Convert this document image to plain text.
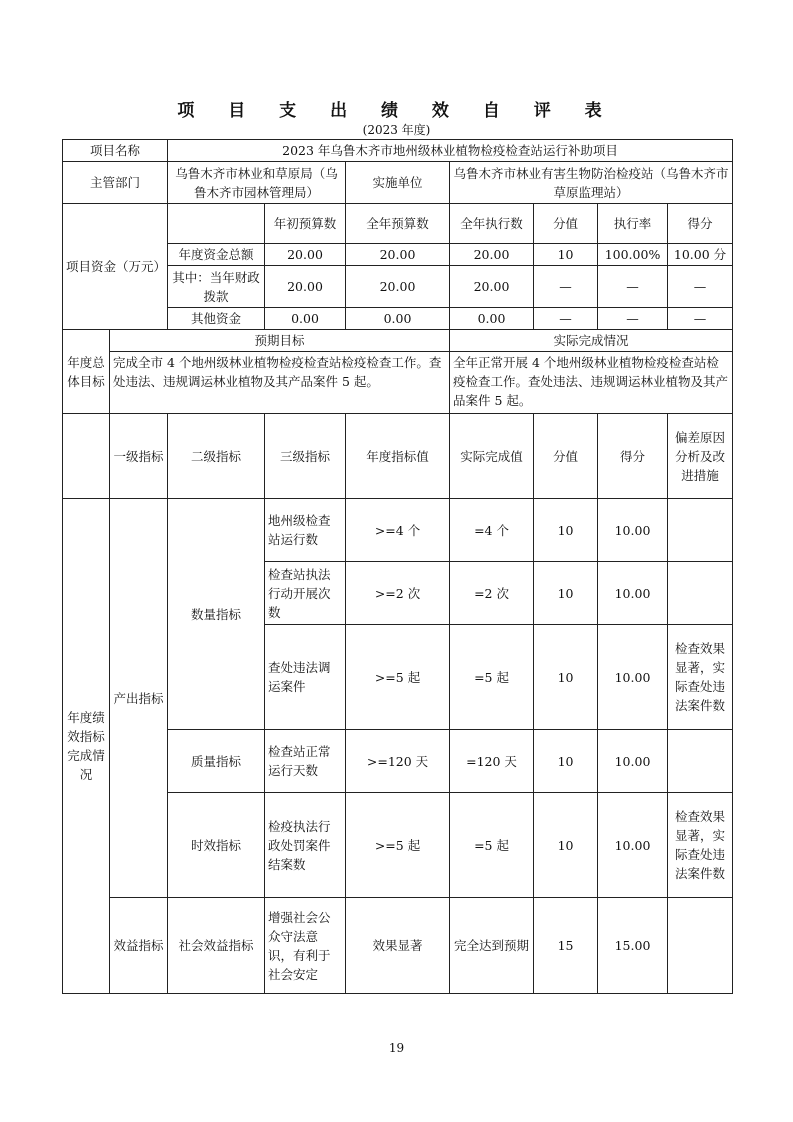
项 目 支 出 绩 效 自 评 表
(2023 年度)
项目名称		2023 年乌鲁木齐市地州级林业植物检疫检查站运行补助项目						
主管部门		乌鲁木齐市林业和草原局（乌鲁木齐市园林管理局）		实施单位	乌鲁木齐市林业有害生物防治检疫站（乌鲁木齐市草原监理站）			
项目资金（万元）			年初预算数	全年预算数	全年执行数	分值	执行率	得分
		年度资金总额	20.00	20.00	20.00	10	100.00%	10.00 分
		其中：当年财政拨款	20.00	20.00	20.00	—	—	—
		其他资金	0.00	0.00	0.00	—	—	—
年度总体目标	预期目标				实际完成情况			
	完成全市 4 个地州级林业植物检疫检查站检疫检查工作。查处违法、违规调运林业植物及其产品案件 5 起。				全年正常开展 4 个地州级林业植物检疫检查站检疫检查工作。查处违法、违规调运林业植物及其产品案件 5 起。			
	一级指标	二级指标	三级指标	年度指标值	实际完成值	分值	得分	偏差原因分析及改进措施
年度绩效指标完成情况	产出指标	数量指标	地州级检查站运行数	>=4 个	=4 个	10	10.00	
			检查站执法行动开展次数	>=2 次	=2 次	10	10.00	
			查处违法调运案件	>=5 起	=5 起	10	10.00	检查效果显著，实际查处违法案件数
		质量指标	检查站正常运行天数	>=120 天	=120 天	10	10.00	
		时效指标	检疫执法行政处罚案件结案数	>=5 起	=5 起	10	10.00	检查效果显著，实际查处违法案件数
	效益指标	社会效益指标	增强社会公众守法意识，有利于社会安定	效果显著	完全达到预期	15	15.00	
19
